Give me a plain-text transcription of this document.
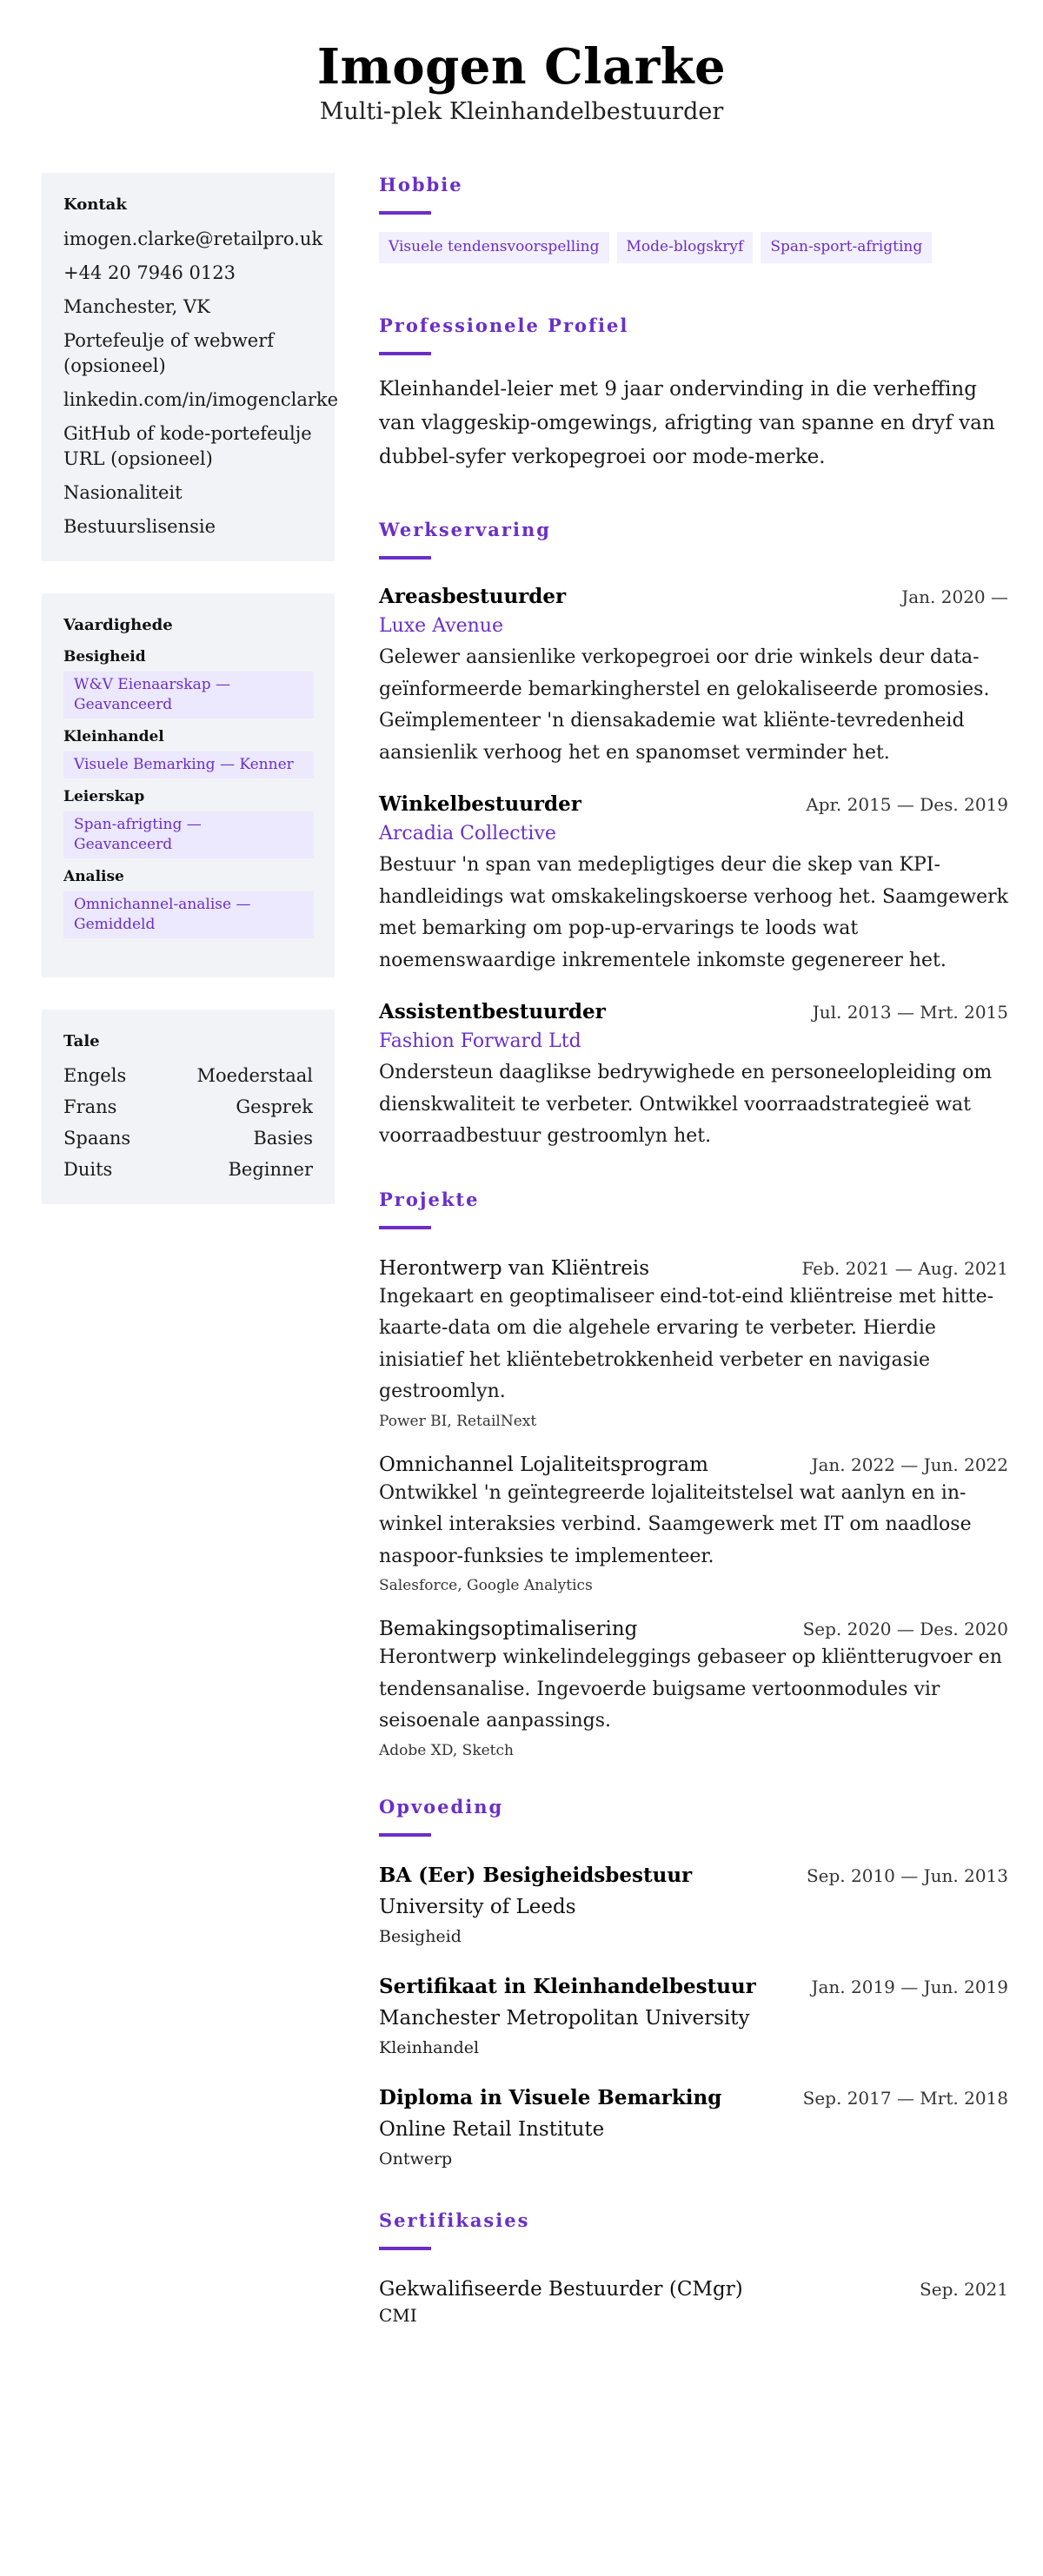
Imogen Clarke
Multi-plek Kleinhandelbestuurder
Kontak
imogen.clarke@retailpro.uk
+44 20 7946 0123
Manchester, VK
Portefeulje of webwerf (opsioneel)
linkedin.com/in/imogenclarke
GitHub of kode-portefeulje URL (opsioneel)
Nasionaliteit
Bestuurslisensie
Vaardighede
Besigheid
W&V Eienaarskap — Geavanceerd
Kleinhandel
Visuele Bemarking — Kenner
Leierskap
Span-afrigting — Geavanceerd
Analise
Omnichannel-analise — Gemiddeld
Tale
Engels	Moederstaal
Frans	Gesprek
Spaans	Basies
Duits	Beginner
Hobbie
Visuele tendensvoorspelling	Mode-blogskryf	Span-sport-afrigting
Professionele Profiel

Kleinhandel-leier met 9 jaar ondervinding in die verheffing van vlaggeskip-omgewings, afrigting van spanne en dryf van dubbel-syfer verkopegroei oor mode-merke.

Werkservaring
Areasbestuurder	Jan. 2020 —
Luxe Avenue

Gelewer aansienlike verkopegroei oor drie winkels deur data-geïnformeerde bemarkingherstel en gelokaliseerde promosies. Geïmplementeer 'n diensakademie wat kliënte-tevredenheid aansienlik verhoog het en spanomset verminder het.

Winkelbestuurder	Apr. 2015 — Des. 2019
Arcadia Collective

Bestuur 'n span van medepligtiges deur die skep van KPI-handleidings wat omskakelingskoerse verhoog het. Saamgewerk met bemarking om pop-up-ervarings te loods wat noemenswaardige inkrementele inkomste gegenereer het.

Assistentbestuurder	Jul. 2013 — Mrt. 2015
Fashion Forward Ltd

Ondersteun daaglikse bedrywighede en personeelopleiding om dienskwaliteit te verbeter. Ontwikkel voorraadstrategieë wat voorraadbestuur gestroomlyn het.

Projekte
Herontwerp van Kliëntreis	Feb. 2021 — Aug. 2021

Ingekaart en geoptimaliseer eind-tot-eind kliëntreise met hitte-kaarte-data om die algehele ervaring te verbeter. Hierdie inisiatief het kliëntebetrokkenheid verbeter en navigasie gestroomlyn.

Power BI, RetailNext
Omnichannel Lojaliteitsprogram	Jan. 2022 — Jun. 2022

Ontwikkel 'n geïntegreerde lojaliteitstelsel wat aanlyn en in-winkel interaksies verbind. Saamgewerk met IT om naadlose naspoor-funksies te implementeer.

Salesforce, Google Analytics
Bemakingsoptimalisering	Sep. 2020 — Des. 2020

Herontwerp winkelindeleggings gebaseer op kliëntterugvoer en tendensanalise. Ingevoerde buigsame vertoonmodules vir seisoenale aanpassings.

Adobe XD, Sketch
Opvoeding
BA (Eer) Besigheidsbestuur	Sep. 2010 — Jun. 2013
University of Leeds
Besigheid
Sertifikaat in Kleinhandelbestuur	Jan. 2019 — Jun. 2019
Manchester Metropolitan University
Kleinhandel
Diploma in Visuele Bemarking	Sep. 2017 — Mrt. 2018
Online Retail Institute
Ontwerp
Sertifikasies
Gekwalifiseerde Bestuurder (CMgr)	Sep. 2021
CMI
